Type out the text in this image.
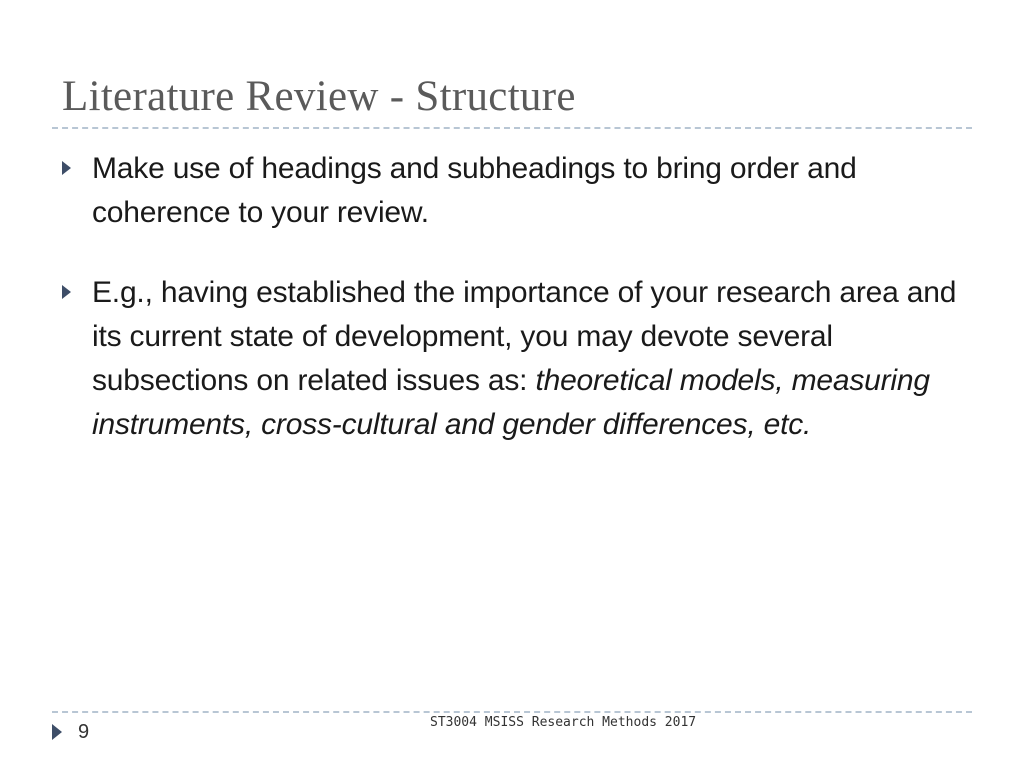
Literature Review - Structure
Make use of headings and subheadings to bring order and coherence to your review.
E.g., having established the importance of your research area and its current state of development, you may devote several subsections on related issues as: theoretical models, measuring instruments, cross-cultural and gender differences, etc.
9	ST3004 MSISS Research Methods 2017
